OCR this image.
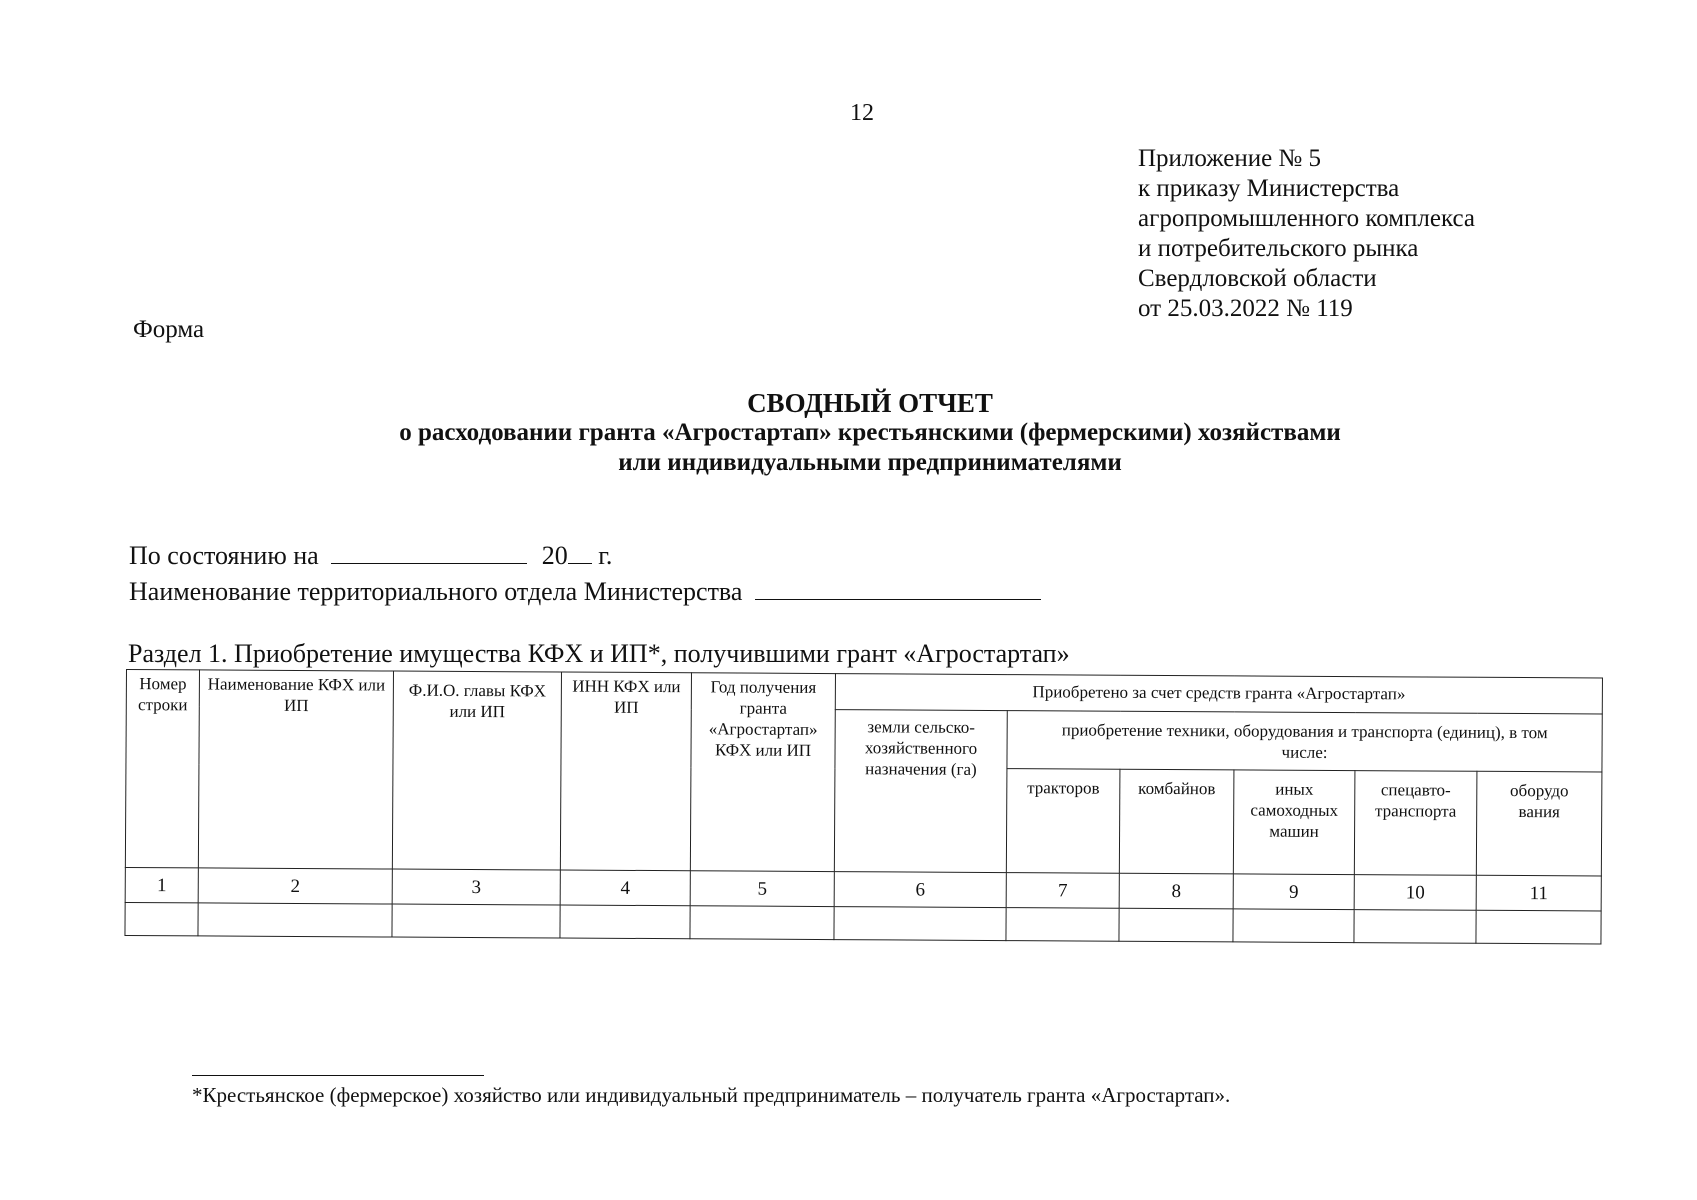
12
Приложение № 5
к приказу Министерства
агропромышленного комплекса
и потребительского рынка
Свердловской области
от 25.03.2022 № 119
Форма
СВОДНЫЙ ОТЧЕТ
о расходовании гранта «Агростартап» крестьянскими (фермерскими) хозяйствами
или индивидуальными предпринимателями
По состоянию на	20 г.
Наименование территориального отдела Министерства
Раздел 1. Приобретение имущества КФХ и ИП*, получившими грант «Агростартап»
Номер строки	Наименование КФХ или ИП	Ф.И.О. главы КФХ или ИП	ИНН КФХ или ИП	Год получения гранта «Агростартап» КФХ или ИП	Приобретено за счет средств гранта «Агростартап»					
					земли сельско-хозяйственного назначения (га)	приобретение техники, оборудования и транспорта (единиц), в том числе:				
						тракторов	комбайнов	иных самоходных машин	спецавто-транспорта	оборудо вания
1	2	3	4	5	6	7	8	9	10	11

*Крестьянское (фермерское) хозяйство или индивидуальный предприниматель – получатель гранта «Агростартап».
